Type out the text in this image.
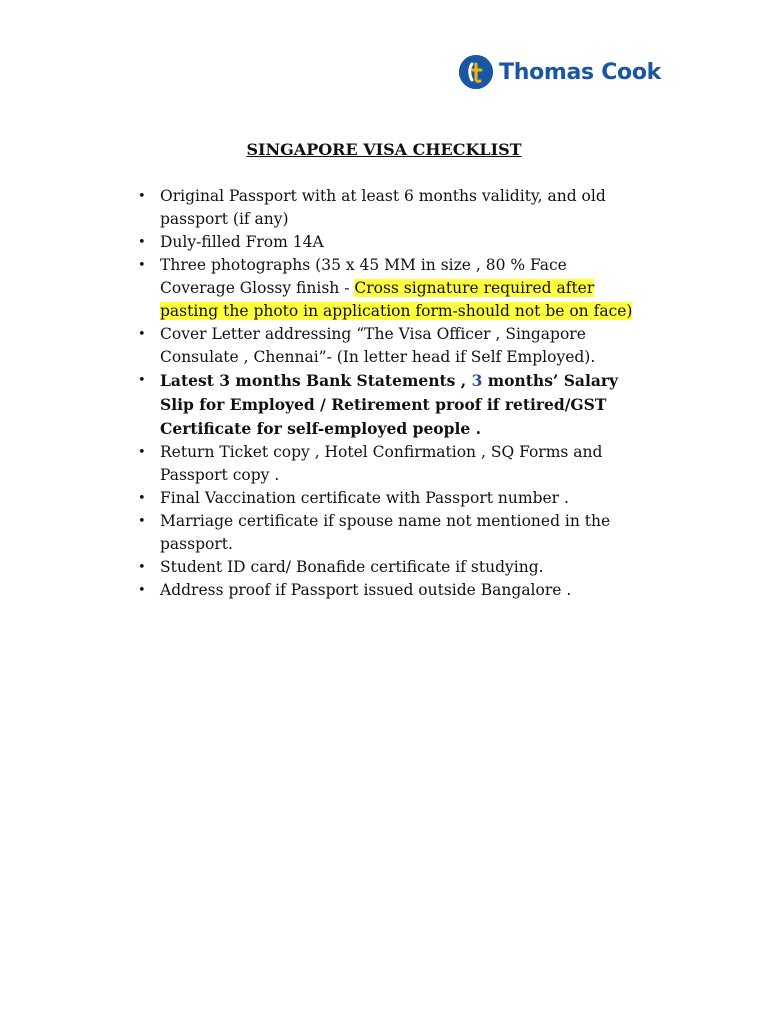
Thomas Cook
SINGAPORE VISA CHECKLIST
• Original Passport with at least 6 months validity, and old passport (if any)
• Duly-filled From 14A
• Three photographs (35 x 45 MM in size , 80 % Face Coverage Glossy finish - Cross signature required after pasting the photo in application form-should not be on face)
• Cover Letter addressing “The Visa Officer , Singapore Consulate , Chennai”- (In letter head if Self Employed).
• Latest 3 months Bank Statements , 3 months’ Salary Slip for Employed / Retirement proof if retired/GST Certificate for self-employed people .
• Return Ticket copy , Hotel Confirmation , SQ Forms and Passport copy .
• Final Vaccination certificate with Passport number .
• Marriage certificate if spouse name not mentioned in the passport.
• Student ID card/ Bonafide certificate if studying.
• Address proof if Passport issued outside Bangalore .
